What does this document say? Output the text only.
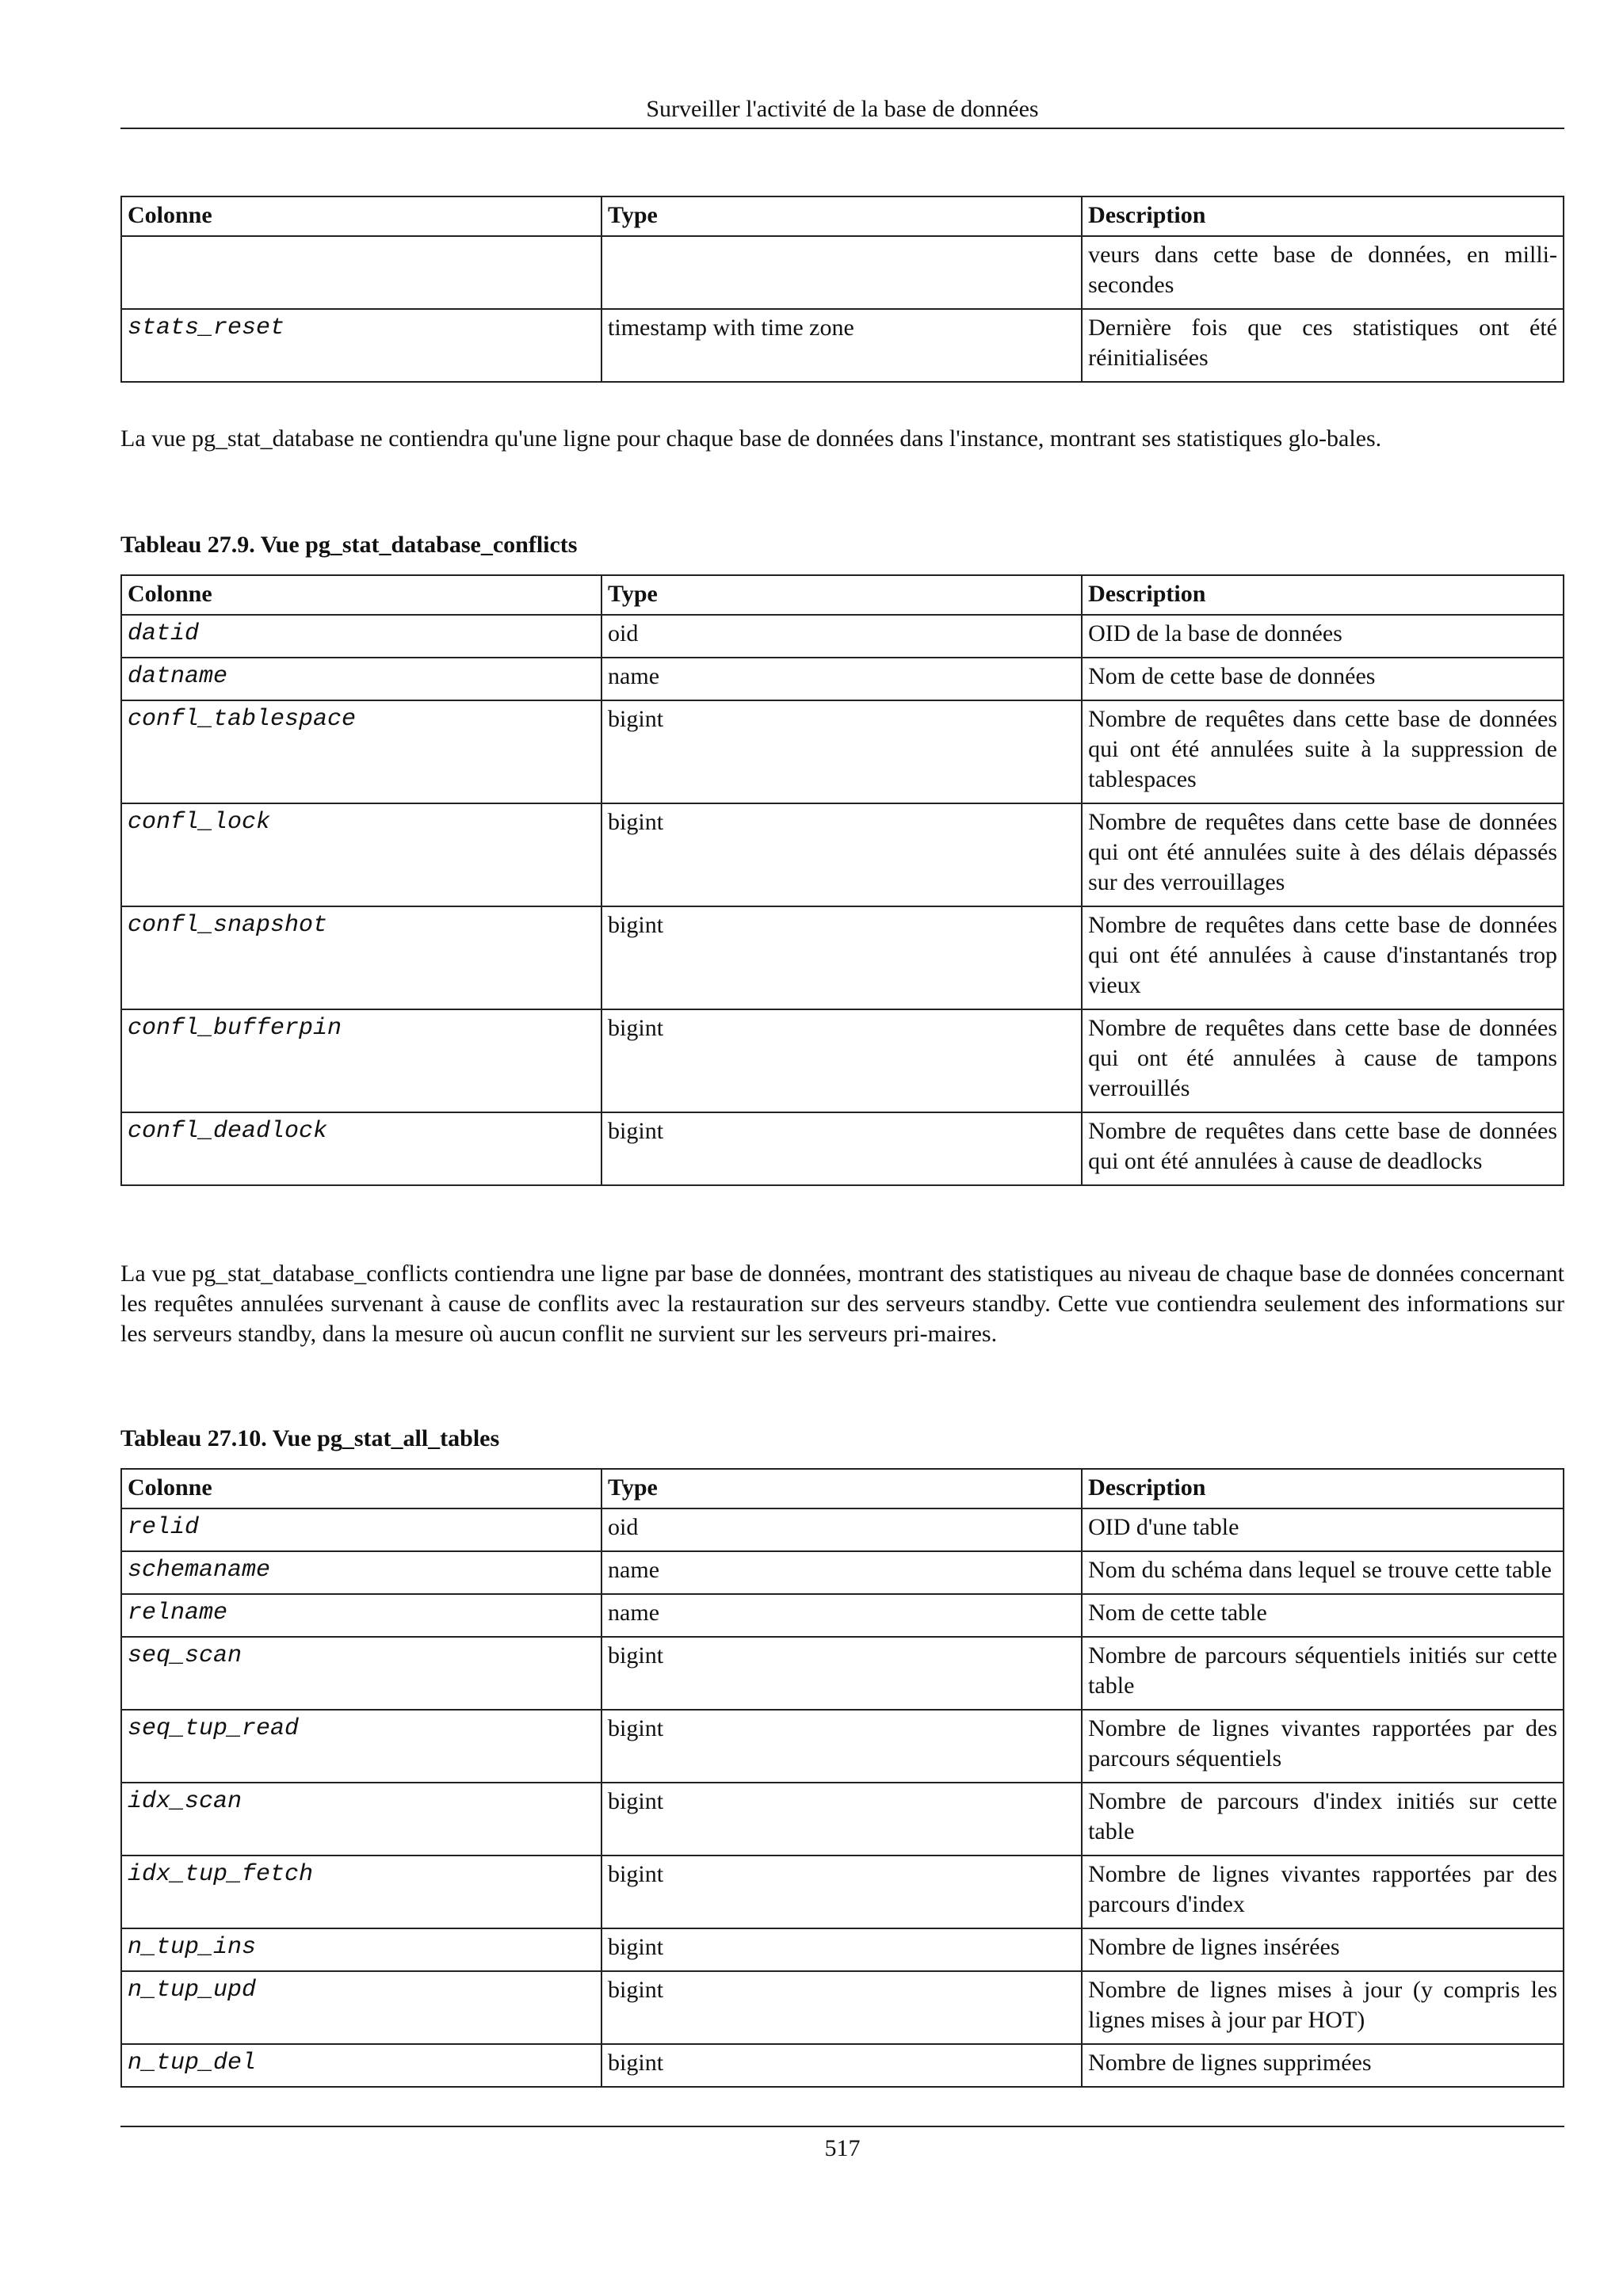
Surveiller l'activité de la base de données
Colonne	Type	Description
		veurs dans cette base de données, en milli-secondes
stats_reset	timestamp with time zone	Dernière fois que ces statistiques ont été réinitialisées

La vue pg_stat_database ne contiendra qu'une ligne pour chaque base de données dans l'instance, montrant ses statistiques glo-bales.

Tableau 27.9. Vue pg_stat_database_conflicts

Colonne	Type	Description
datid	oid	OID de la base de données
datname	name	Nom de cette base de données
confl_tablespace	bigint	Nombre de requêtes dans cette base de données qui ont été annulées suite à la suppression de tablespaces
confl_lock	bigint	Nombre de requêtes dans cette base de données qui ont été annulées suite à des délais dépassés sur des verrouillages
confl_snapshot	bigint	Nombre de requêtes dans cette base de données qui ont été annulées à cause d'instantanés trop vieux
confl_bufferpin	bigint	Nombre de requêtes dans cette base de données qui ont été annulées à cause de tampons verrouillés
confl_deadlock	bigint	Nombre de requêtes dans cette base de données qui ont été annulées à cause de deadlocks

La vue pg_stat_database_conflicts contiendra une ligne par base de données, montrant des statistiques au niveau de chaque base de données concernant les requêtes annulées survenant à cause de conflits avec la restauration sur des serveurs standby. Cette vue contiendra seulement des informations sur les serveurs standby, dans la mesure où aucun conflit ne survient sur les serveurs pri-maires.

Tableau 27.10. Vue pg_stat_all_tables

Colonne	Type	Description
relid	oid	OID d'une table
schemaname	name	Nom du schéma dans lequel se trouve cette table
relname	name	Nom de cette table
seq_scan	bigint	Nombre de parcours séquentiels initiés sur cette table
seq_tup_read	bigint	Nombre de lignes vivantes rapportées par des parcours séquentiels
idx_scan	bigint	Nombre de parcours d'index initiés sur cette table
idx_tup_fetch	bigint	Nombre de lignes vivantes rapportées par des parcours d'index
n_tup_ins	bigint	Nombre de lignes insérées
n_tup_upd	bigint	Nombre de lignes mises à jour (y compris les lignes mises à jour par HOT)
n_tup_del	bigint	Nombre de lignes supprimées
517
